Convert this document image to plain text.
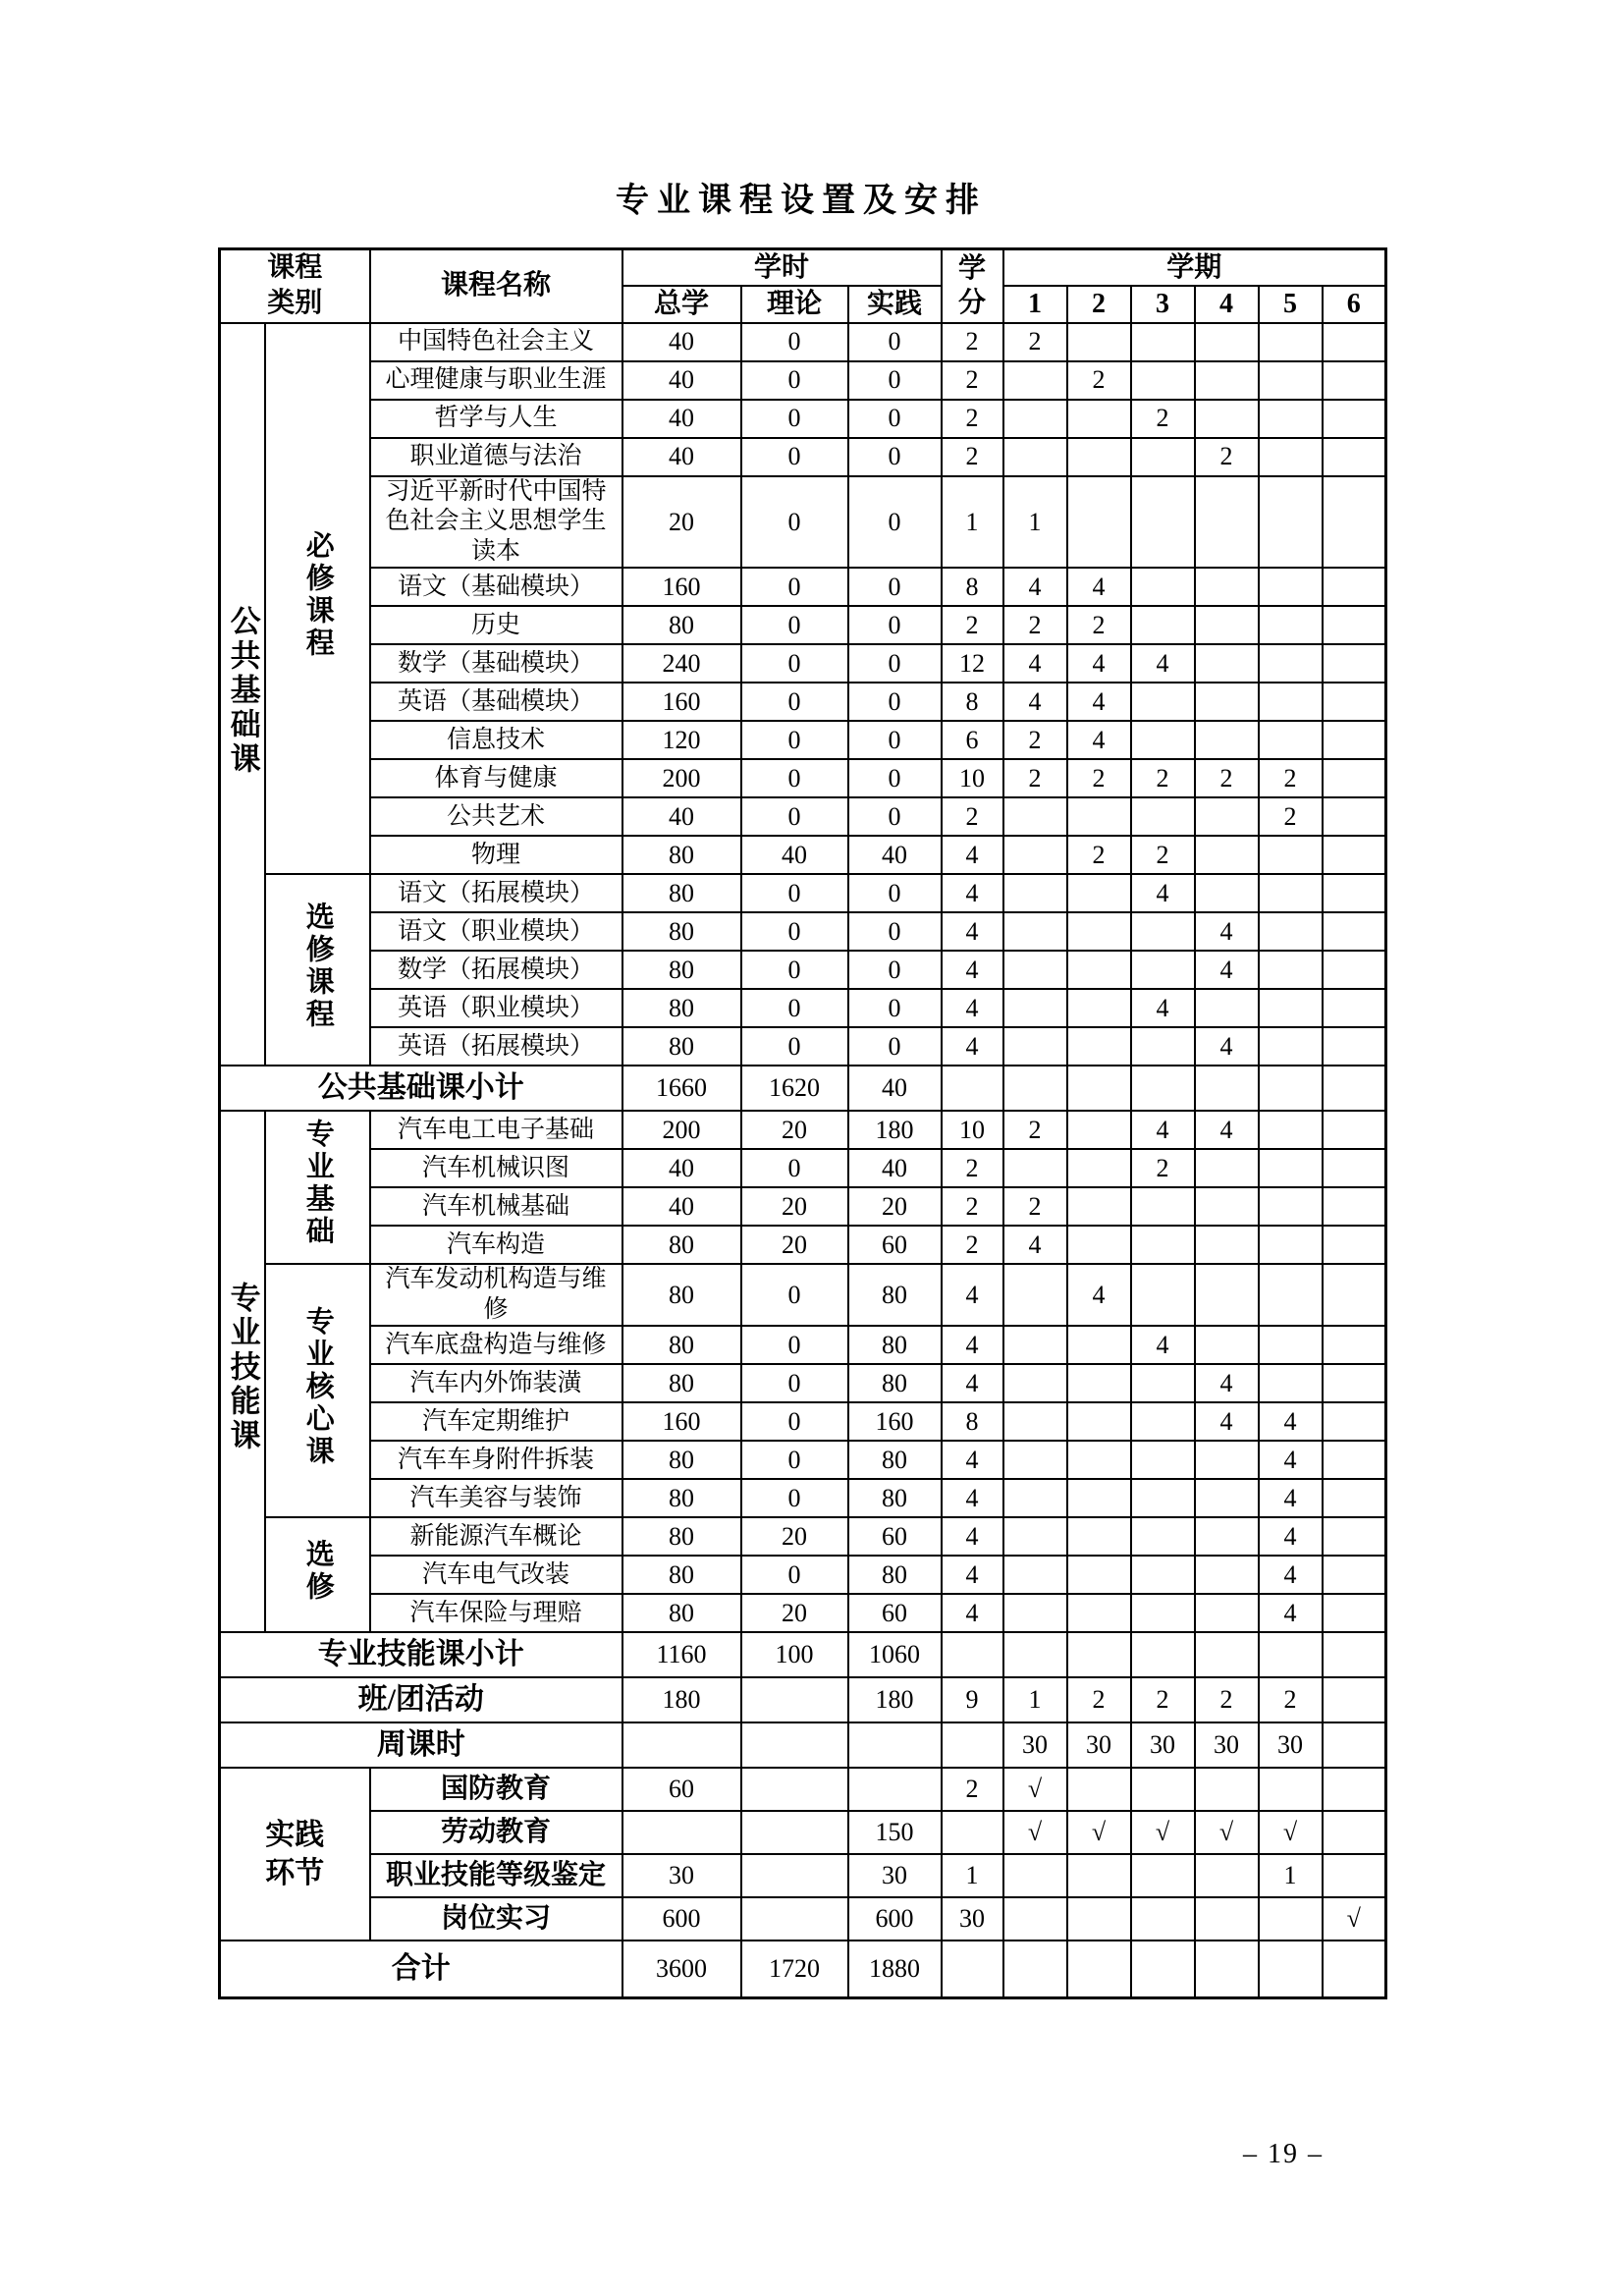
专业课程设置及安排
课程类别		课程名称	学时			学分	学期					
			总学	理论	实践		1	2	3	4	5	6
公共基础课	必修课程	中国特色社会主义	40	0	0	2	2					
		心理健康与职业生涯	40	0	0	2		2				
		哲学与人生	40	0	0	2			2			
		职业道德与法治	40	0	0	2				2		
		习近平新时代中国特色社会主义思想学生读本	20	0	0	1	1					
		语文（基础模块）	160	0	0	8	4	4				
		历史	80	0	0	2	2	2				
		数学（基础模块）	240	0	0	12	4	4	4			
		英语（基础模块）	160	0	0	8	4	4				
		信息技术	120	0	0	6	2	4				
		体育与健康	200	0	0	10	2	2	2	2	2	
		公共艺术	40	0	0	2					2	
		物理	80	40	40	4		2	2			
	选修课程	语文（拓展模块）	80	0	0	4			4			
		语文（职业模块）	80	0	0	4				4		
		数学（拓展模块）	80	0	0	4				4		
		英语（职业模块）	80	0	0	4			4			
		英语（拓展模块）	80	0	0	4				4		
公共基础课小计			1660	1620	40							
专业技能课	专业基础	汽车电工电子基础	200	20	180	10	2		4	4		
		汽车机械识图	40	0	40	2			2			
		汽车机械基础	40	20	20	2	2					
		汽车构造	80	20	60	2	4					
	专业核心课	汽车发动机构造与维修	80	0	80	4		4				
		汽车底盘构造与维修	80	0	80	4			4			
		汽车内外饰装潢	80	0	80	4				4		
		汽车定期维护	160	0	160	8				4	4	
		汽车车身附件拆装	80	0	80	4					4	
		汽车美容与装饰	80	0	80	4					4	
	选修	新能源汽车概论	80	20	60	4					4	
		汽车电气改装	80	0	80	4					4	
		汽车保险与理赔	80	20	60	4					4	
专业技能课小计			1160	100	1060							
班/团活动			180		180	9	1	2	2	2	2	
周课时							30	30	30	30	30	
实践环节		国防教育	60			2	√					
		劳动教育			150		√	√	√	√	√	
		职业技能等级鉴定	30		30	1					1	
		岗位实习	600		600	30						√
合计			3600	1720	1880							
– 19 –
